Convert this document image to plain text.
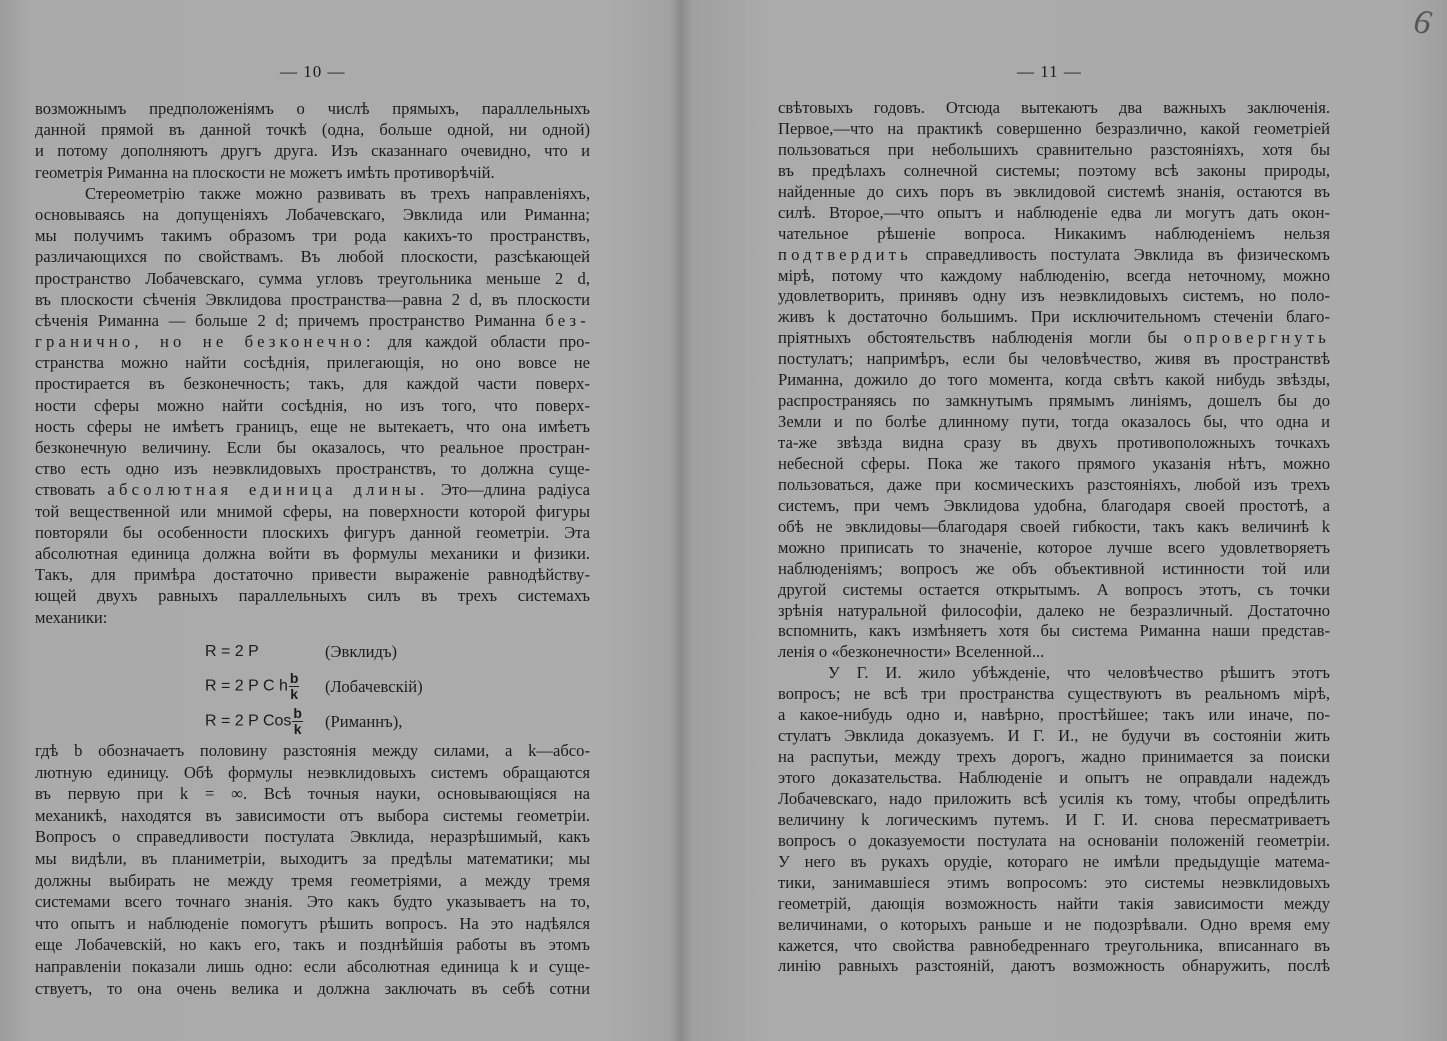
— 10 —
возможнымъ предположеніямъ о числѣ прямыхъ, параллельныхъ
данной прямой въ данной точкѣ (одна, больше одной, ни одной)
и потому дополняютъ другъ друга. Изъ сказаннаго очевидно, что и
геометрія Риманна на плоскости не можетъ имѣть противорѣчій.
Стереометрію также можно развивать въ трехъ направленіяхъ,
основываясь на допущеніяхъ Лобачевскаго, Эвклида или Риманна;
мы получимъ такимъ образомъ три рода какихъ-то пространствъ,
различающихся по свойствамъ. Въ любой плоскости, разсѣкающей
пространство Лобачевскаго, сумма угловъ треугольника меньше 2 d,
въ плоскости сѣченія Эвклидова пространства—равна 2 d, въ плоскости
сѣченія Риманна — больше 2 d; причемъ пространство Риманна без-
гранично, но не безконечно: для каждой области про-
странства можно найти сосѣднія, прилегающія, но оно вовсе не
простирается въ безконечность; такъ, для каждой части поверх-
ности сферы можно найти сосѣднія, но изъ того, что поверх-
ность сферы не имѣетъ границъ, еще не вытекаетъ, что она имѣетъ
безконечную величину. Если бы оказалось, что реальное простран-
ство есть одно изъ неэвклидовыхъ пространствъ, то должна суще-
ствовать абсолютная единица длины. Это—длина радіуса
той вещественной или мнимой сферы, на поверхности которой фигуры
повторяли бы особенности плоскихъ фигуръ данной геометріи. Эта
абсолютная единица должна войти въ формулы механики и физики.
Такъ, для примѣра достаточно привести выраженіе равнодѣйству-
ющей двухъ равныхъ параллельныхъ силъ въ трехъ системахъ
механики:
R = 2 P	(Эвклидъ)
R = 2 P C h $\frac{b}{k}$ (Лобачевскій)
R = 2 P Cos $\frac{b}{k}$ (Риманнъ),
гдѣ b обозначаетъ половину разстоянія между силами, а k—абсо-
лютную единицу. Обѣ формулы неэвклидовыхъ системъ обращаются
въ первую при k = ∞. Всѣ точныя науки, основывающіяся на
механикѣ, находятся въ зависимости отъ выбора системы геометріи.
Вопросъ о справедливости постулата Эвклида, неразрѣшимый, какъ
мы видѣли, въ планиметріи, выходитъ за предѣлы математики; мы
должны выбирать не между тремя геометріями, а между тремя
системами всего точнаго знанія. Это какъ будто указываетъ на то,
что опытъ и наблюденіе помогутъ рѣшить вопросъ. На это надѣялся
еще Лобачевскій, но какъ его, такъ и позднѣйшія работы въ этомъ
направленіи показали лишь одно: если абсолютная единица k и суще-
ствуетъ, то она очень велика и должна заключать въ себѣ сотни
— 11 —
свѣтовыхъ годовъ. Отсюда вытекаютъ два важныхъ заключенія.
Первое,—что на практикѣ совершенно безразлично, какой геометріей
пользоваться при небольшихъ сравнительно разстояніяхъ, хотя бы
въ предѣлахъ солнечной системы; поэтому всѣ законы природы,
найденные до сихъ поръ въ эвклидовой системѣ знанія, остаются въ
силѣ. Второе,—что опытъ и наблюденіе едва ли могутъ дать окон-
чательное рѣшеніе вопроса. Никакимъ наблюденіемъ нельзя
подтвердить справедливость постулата Эвклида въ физическомъ
мірѣ, потому что каждому наблюденію, всегда неточному, можно
удовлетворить, принявъ одну изъ неэвклидовыхъ системъ, но поло-
живъ k достаточно большимъ. При исключительномъ стеченіи благо-
пріятныхъ обстоятельствъ наблюденія могли бы опровергнуть
постулатъ; напримѣръ, если бы человѣчество, живя въ пространствѣ
Риманна, дожило до того момента, когда свѣтъ какой нибудь звѣзды,
распространяясь по замкнутымъ прямымъ линіямъ, дошелъ бы до
Земли и по болѣе длинному пути, тогда оказалось бы, что одна и
та-же звѣзда видна сразу въ двухъ противоположныхъ точкахъ
небесной сферы. Пока же такого прямого указанія нѣтъ, можно
пользоваться, даже при космическихъ разстояніяхъ, любой изъ трехъ
системъ, при чемъ Эвклидова удобна, благодаря своей простотѣ, а
обѣ не эвклидовы—благодаря своей гибкости, такъ какъ величинѣ k
можно приписать то значеніе, которое лучше всего удовлетворяетъ
наблюденіямъ; вопросъ же объ объективной истинности той или
другой системы остается открытымъ. А вопросъ этотъ, съ точки
зрѣнія натуральной философіи, далеко не безразличный. Достаточно
вспомнить, какъ измѣняетъ хотя бы система Риманна наши представ-
ленія о «безконечности» Вселенной...
У Г. И. жило убѣжденіе, что человѣчество рѣшитъ этотъ
вопросъ; не всѣ три пространства существуютъ въ реальномъ мірѣ,
а какое-нибудь одно и, навѣрно, простѣйшее; такъ или иначе, по-
стулатъ Эвклида доказуемъ. И Г. И., не будучи въ состояніи жить
на распутьи, между трехъ дорогъ, жадно принимается за поиски
этого доказательства. Наблюденіе и опытъ не оправдали надеждъ
Лобачевскаго, надо приложить всѣ усилія къ тому, чтобы опредѣлить
величину k логическимъ путемъ. И Г. И. снова пересматриваетъ
вопросъ о доказуемости постулата на основаніи положеній геометріи.
У него въ рукахъ орудіе, котораго не имѣли предыдущіе матема-
тики, занимавшіеся этимъ вопросомъ: это системы неэвклидовыхъ
геометрій, дающія возможность найти такія зависимости между
величинами, о которыхъ раньше и не подозрѣвали. Одно время ему
кажется, что свойства равнобедреннаго треугольника, вписаннаго въ
линію равныхъ разстояній, даютъ возможность обнаружить, послѣ
6
